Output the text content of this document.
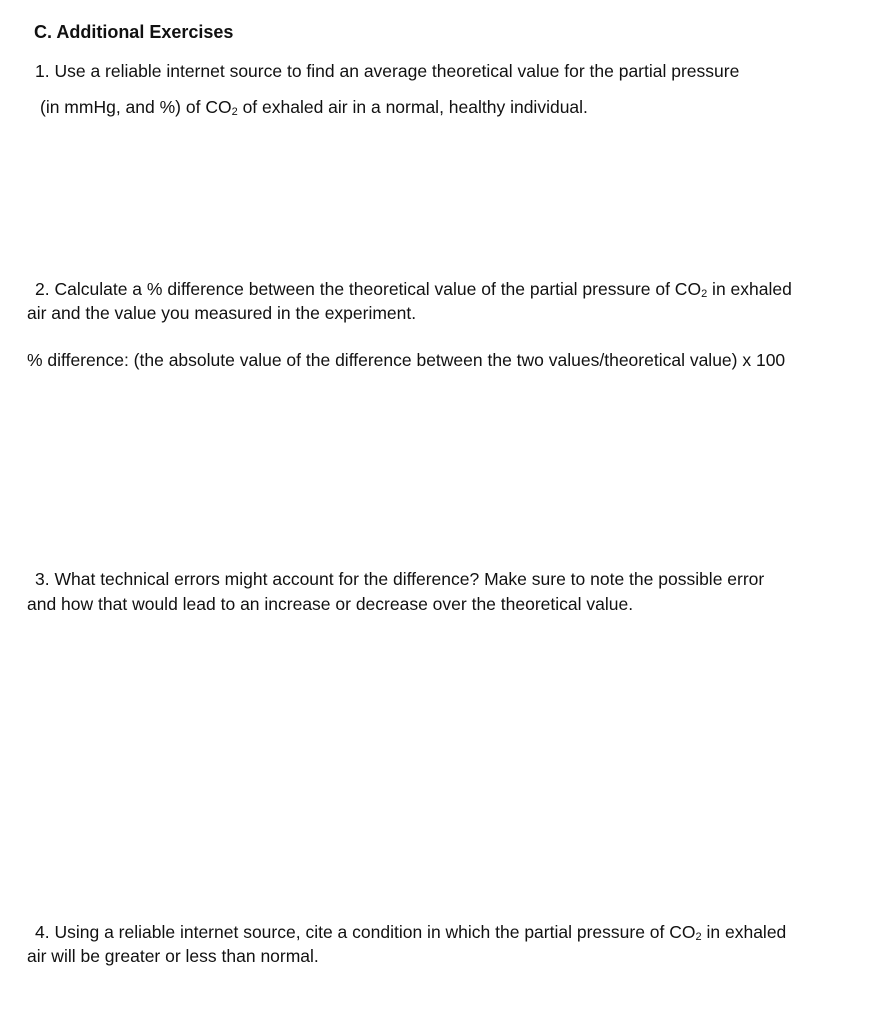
C. Additional Exercises
1. Use a reliable internet source to find an average theoretical value for the partial pressure
(in mmHg, and %) of $CO_2$ of exhaled air in a normal, healthy individual.
2. Calculate a % difference between the theoretical value of the partial pressure of $CO_2$ in exhaled
air and the value you measured in the experiment.
% difference: (the absolute value of the difference between the two values/theoretical value) x 100
3. What technical errors might account for the difference? Make sure to note the possible error
and how that would lead to an increase or decrease over the theoretical value.
4. Using a reliable internet source, cite a condition in which the partial pressure of $CO_2$ in exhaled
air will be greater or less than normal.
